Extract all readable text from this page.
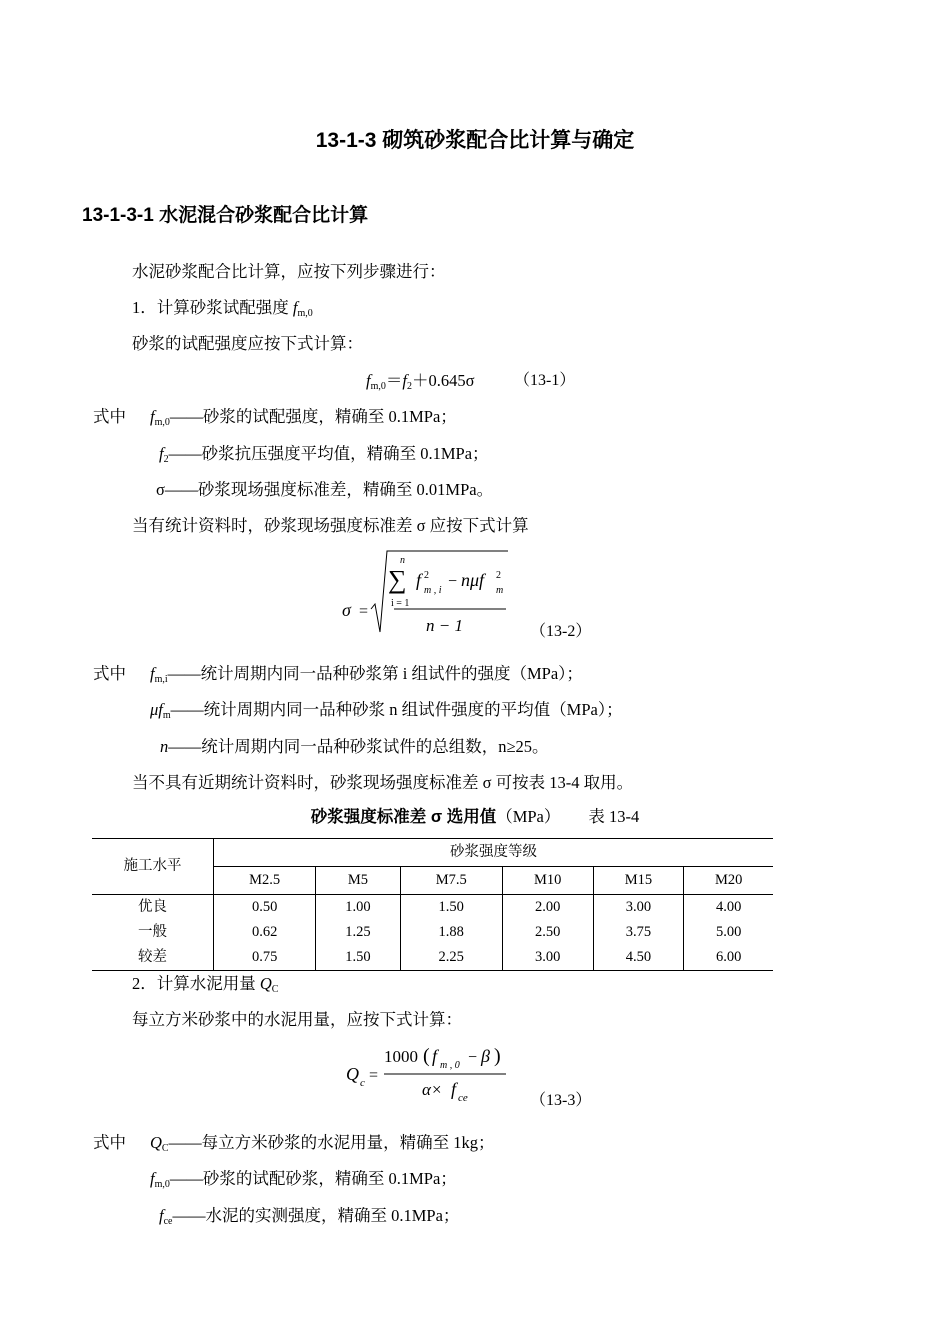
13-1-3 砌筑砂浆配合比计算与确定
13-1-3-1 水泥混合砂浆配合比计算
水泥砂浆配合比计算，应按下列步骤进行：
1．计算砂浆试配强度 $f_{m,0}$
砂浆的试配强度应按下式计算：
$f_{m,0}=f_2+0.645\sigma$ （13-1）
式中 $f_{m,0}——$砂浆的试配强度，精确至 0.1MPa；
$f_2——$砂浆抗压强度平均值，精确至 0.1MPa；
σ——砂浆现场强度标准差，精确至 0.01MPa。
当有统计资料时，砂浆现场强度标准差 σ 应按下式计算
σ =
n
∑
i = 1
f 2
m , i
− nμf 2
m
n − 1	（13-2）
式中 $f_{m,i}——$统计周期内同一品种砂浆第 i 组试件的强度（MPa）；
$\mu f_m——$统计周期内同一品种砂浆 n 组试件强度的平均值（MPa）；
n——统计周期内同一品种砂浆试件的总组数，n≥25。
当不具有近期统计资料时，砂浆现场强度标准差 σ 可按表 13-4 取用。
砂浆强度标准差 σ 选用值（MPa） 表 13-4
施工水平	砂浆强度等级					
	M2.5	M5	M7.5	M10	M15	M20
优良	0.50	1.00	1.50	2.00	3.00	4.00
一般	0.62	1.25	1.88	2.50	3.75	5.00
较差	0.75	1.50	2.25	3.00	4.50	6.00
2．计算水泥用量 $Q_C$
每立方米砂浆中的水泥用量，应按下式计算：
Q c =
1000 ( f m , 0 − β )
α× f ce	（13-3）
式中 $Q_C——$每立方米砂浆的水泥用量，精确至 1kg；
$f_{m,0}——$砂浆的试配砂浆，精确至 0.1MPa；
$f_{ce}——$水泥的实测强度，精确至 0.1MPa；
